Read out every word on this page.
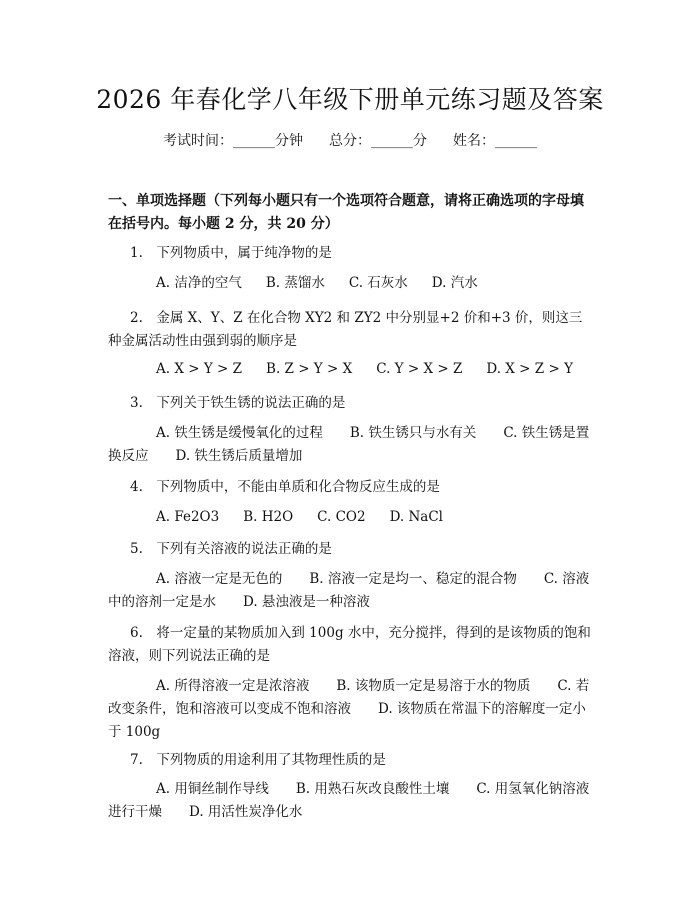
2026 年春化学八年级下册单元练习题及答案
考试时间：______分钟 总分：______分 姓名：______
一、单项选择题（下列每小题只有一个选项符合题意，请将正确选项的字母填在括号内。每小题 2 分，共 20 分）
1.　下列物质中，属于纯净物的是
A. 洁净的空气 B. 蒸馏水 C. 石灰水 D. 汽水
2.　金属 X、Y、Z 在化合物 XY2 和 ZY2 中分别显+2 价和+3 价，则这三种金属活动性由强到弱的顺序是
A. X > Y > Z B. Z > Y > X C. Y > X > Z D. X > Z > Y
3.　下列关于铁生锈的说法正确的是
A. 铁生锈是缓慢氧化的过程　　B. 铁生锈只与水有关　　C. 铁生锈是置换反应　　D. 铁生锈后质量增加
4.　下列物质中，不能由单质和化合物反应生成的是
A. Fe2O3 B. H2O C. CO2 D. NaCl
5.　下列有关溶液的说法正确的是
A. 溶液一定是无色的　　B. 溶液一定是均一、稳定的混合物　　C. 溶液中的溶剂一定是水　　D. 悬浊液是一种溶液
6.　将一定量的某物质加入到 100g 水中，充分搅拌，得到的是该物质的饱和溶液，则下列说法正确的是
A. 所得溶液一定是浓溶液　　B. 该物质一定是易溶于水的物质　　C. 若改变条件，饱和溶液可以变成不饱和溶液　　D. 该物质在常温下的溶解度一定小于 100g
7.　下列物质的用途利用了其物理性质的是
A. 用铜丝制作导线　　B. 用熟石灰改良酸性土壤　　C. 用氢氧化钠溶液进行干燥　　D. 用活性炭净化水
